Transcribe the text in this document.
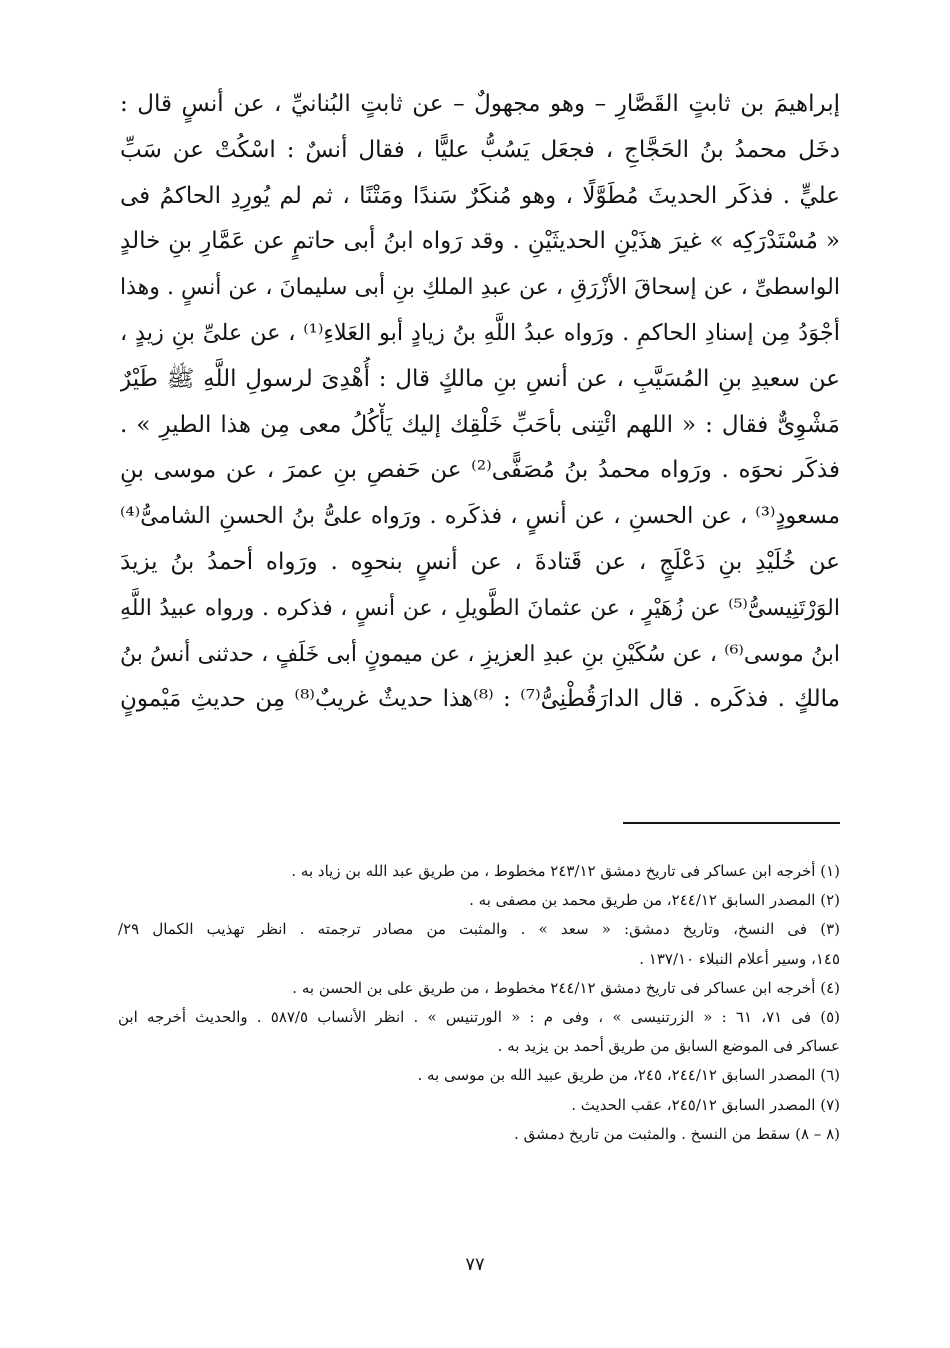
إبراهيمَ بن ثابتٍ القَصَّارِ – وهو مجهولٌ – عن ثابتٍ البُنانيِّ ، عن أنسٍ قال :
دخَل محمدُ بنُ الحَجَّاجِ ، فجعَل يَسُبُّ عليًّا ، فقال أنسٌ : اسْكُتْ عن سَبِّ
عليٍّ . فذكَر الحديثَ مُطَوَّلًا ، وهو مُنكَرٌ سَندًا ومَتْنًا ، ثم لم يُورِدِ الحاكمُ فى
« مُسْتَدْرَكِه » غيرَ هذَيْنِ الحديثَيْنِ . وقد رَواه ابنُ أبى حاتمٍ عن عَمَّارِ بنِ خالدٍ
الواسطىِّ ، عن إسحاقَ الأزْرَقِ ، عن عبدِ الملكِ بنِ أبى سليمانَ ، عن أنسٍ . وهذا
أجْوَدُ مِن إسنادِ الحاكمِ . ورَواه عبدُ اللَّهِ بنُ زيادٍ أبو العَلاءِ⁽¹⁾ ، عن علىِّ بنِ زيدٍ ،
عن سعيدِ بنِ المُسَيَّبِ ، عن أنسِ بنِ مالكٍ قال : أُهْدِىَ لرسولِ اللَّهِ ﷺ طَيْرٌ
مَشْوِىٌّ فقال : « اللهم ائْتِنى بأحَبِّ خَلْقِك إليك يَأْكُلُ معى مِن هذا الطيرِ » .
فذكَر نحوَه . ورَواه محمدُ بنُ مُصَفًّى⁽²⁾ عن حَفصِ بنِ عمرَ ، عن موسى بنِ
مسعودٍ⁽³⁾ ، عن الحسنِ ، عن أنسٍ ، فذكَره . ورَواه علىُّ بنُ الحسنِ الشامىُّ⁽⁴⁾
عن خُلَيْدِ بنِ دَعْلَجٍ ، عن قَتادةَ ، عن أنسٍ بنحوِه . ورَواه أحمدُ بنُ يزيدَ
الوَرْتَنِيسىُّ⁽⁵⁾ عن زُهَيْرٍ ، عن عثمانَ الطَّويلِ ، عن أنسٍ ، فذكره . ورواه عبيدُ اللَّهِ
ابنُ موسى⁽⁶⁾ ، عن سُكَيْنِ بنِ عبدِ العزيزِ ، عن ميمونٍ أبى خَلَفٍ ، حدثنى أنسُ بنُ
مالكٍ . فذكَره . قال الدارَقُطْنِىُّ⁽⁷⁾ : ⁽⁸⁾هذا حديثٌ غريبٌ⁽⁸⁾ مِن حديثِ مَيْمونٍ
(١) أخرجه ابن عساكر فى تاريخ دمشق ٢٤٣/١٢ مخطوط ، من طريق عبد الله بن زياد به .
(٢) المصدر السابق ٢٤٤/١٢، من طريق محمد بن مصفى به .
(٣) فى النسخ، وتاريخ دمشق: « سعد » . والمثبت من مصادر ترجمته . انظر تهذيب الكمال ٢٩/
١٤٥، وسير أعلام النبلاء ١٣٧/١٠ .
(٤) أخرجه ابن عساكر فى تاريخ دمشق ٢٤٤/١٢ مخطوط ، من طريق على بن الحسن به .
(٥) فى ٧١، ٦١ : « الزرتنيسى » ، وفى م : « الورتنيس » . انظر الأنساب ٥٨٧/٥ . والحديث أخرجه ابن
عساكر فى الموضع السابق من طريق أحمد بن يزيد به .
(٦) المصدر السابق ٢٤٤/١٢، ٢٤٥، من طريق عبيد الله بن موسى به .
(٧) المصدر السابق ٢٤٥/١٢، عقب الحديث .
(٨ – ٨) سقط من النسخ . والمثبت من تاريخ دمشق .
٧٧
